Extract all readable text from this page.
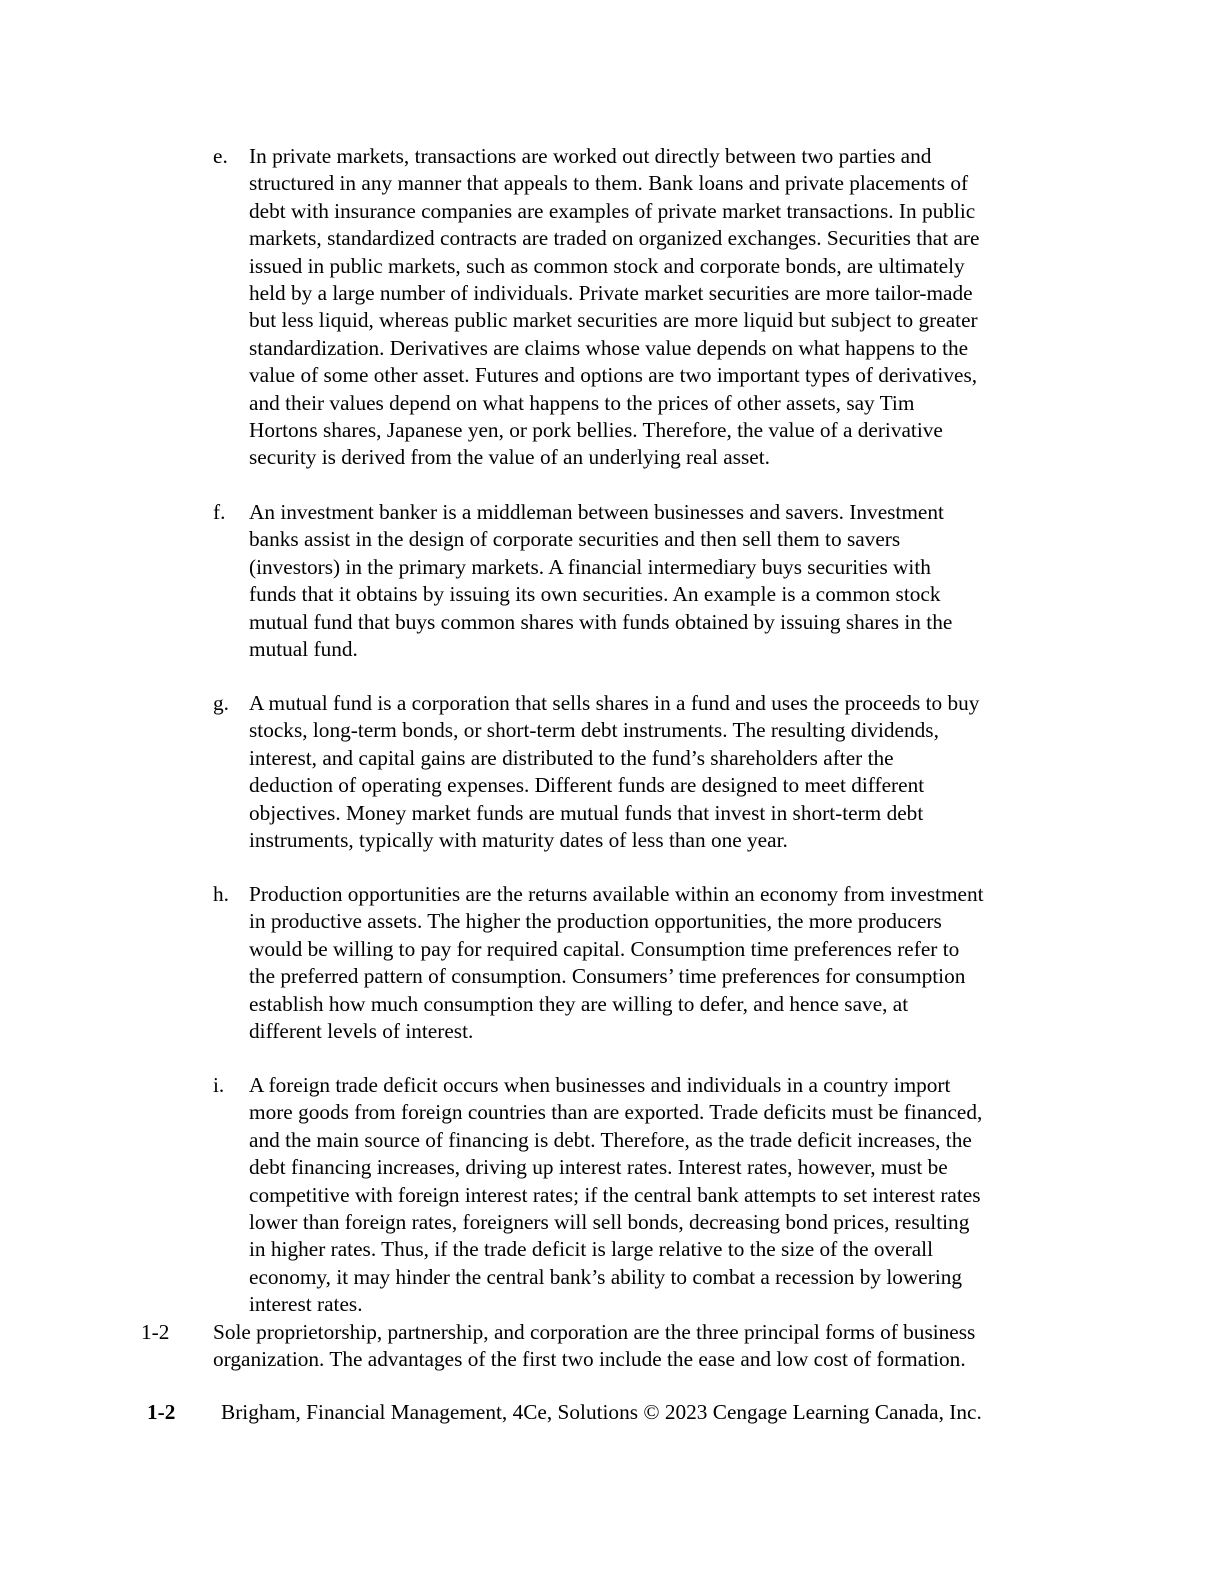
e. In private markets, transactions are worked out directly between two parties and
structured in any manner that appeals to them. Bank loans and private placements of
debt with insurance companies are examples of private market transactions. In public
markets, standardized contracts are traded on organized exchanges. Securities that are
issued in public markets, such as common stock and corporate bonds, are ultimately
held by a large number of individuals. Private market securities are more tailor-made
but less liquid, whereas public market securities are more liquid but subject to greater
standardization. Derivatives are claims whose value depends on what happens to the
value of some other asset. Futures and options are two important types of derivatives,
and their values depend on what happens to the prices of other assets, say Tim
Hortons shares, Japanese yen, or pork bellies. Therefore, the value of a derivative
security is derived from the value of an underlying real asset.
f. An investment banker is a middleman between businesses and savers. Investment
banks assist in the design of corporate securities and then sell them to savers
(investors) in the primary markets. A financial intermediary buys securities with
funds that it obtains by issuing its own securities. An example is a common stock
mutual fund that buys common shares with funds obtained by issuing shares in the
mutual fund.
g. A mutual fund is a corporation that sells shares in a fund and uses the proceeds to buy
stocks, long-term bonds, or short-term debt instruments. The resulting dividends,
interest, and capital gains are distributed to the fund’s shareholders after the
deduction of operating expenses. Different funds are designed to meet different
objectives. Money market funds are mutual funds that invest in short-term debt
instruments, typically with maturity dates of less than one year.
h. Production opportunities are the returns available within an economy from investment
in productive assets. The higher the production opportunities, the more producers
would be willing to pay for required capital. Consumption time preferences refer to
the preferred pattern of consumption. Consumers’ time preferences for consumption
establish how much consumption they are willing to defer, and hence save, at
different levels of interest.
i. A foreign trade deficit occurs when businesses and individuals in a country import
more goods from foreign countries than are exported. Trade deficits must be financed,
and the main source of financing is debt. Therefore, as the trade deficit increases, the
debt financing increases, driving up interest rates. Interest rates, however, must be
competitive with foreign interest rates; if the central bank attempts to set interest rates
lower than foreign rates, foreigners will sell bonds, decreasing bond prices, resulting
in higher rates. Thus, if the trade deficit is large relative to the size of the overall
economy, it may hinder the central bank’s ability to combat a recession by lowering
interest rates.
1-2 Sole proprietorship, partnership, and corporation are the three principal forms of business
organization. The advantages of the first two include the ease and low cost of formation.
1-2 Brigham, Financial Management, 4Ce, Solutions © 2023 Cengage Learning Canada, Inc.
